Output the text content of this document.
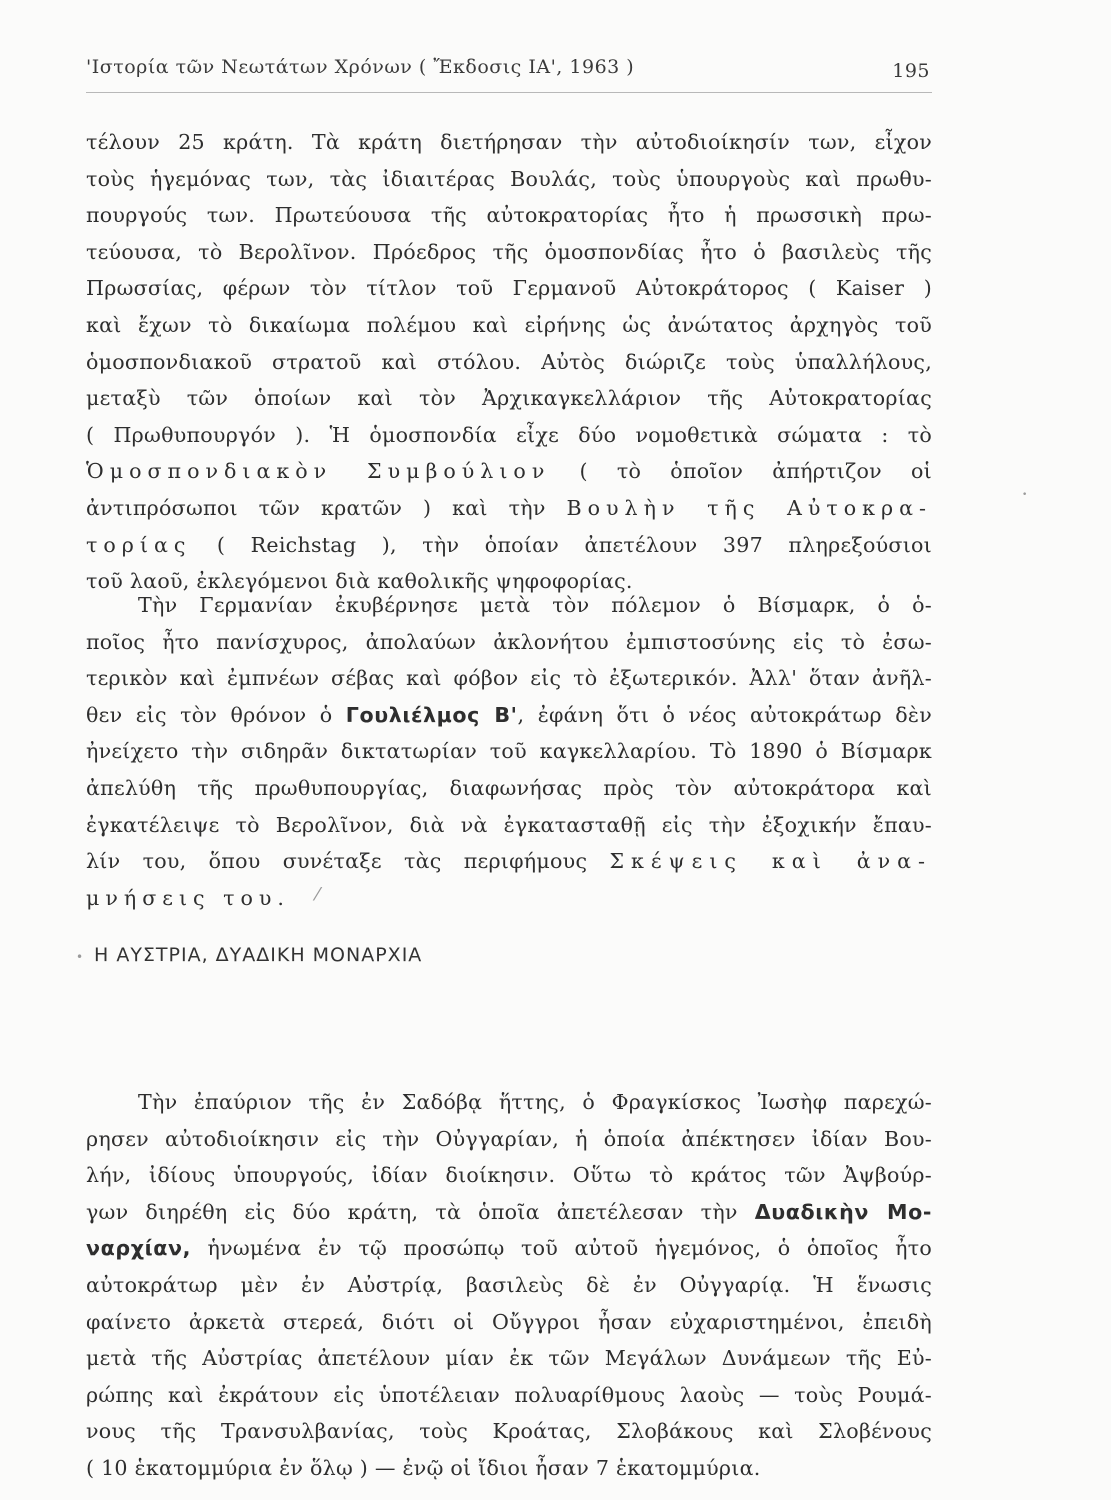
'Ιστορία τῶν Νεωτάτων Χρόνων ( Ἔκδοσις ΙΑ', 1963 )	195
τέλουν 25 κράτη. Τὰ κράτη διετήρησαν τὴν αὐτοδιοίκησίν των, εἶχον
τοὺς ἡγεμόνας των, τὰς ἰδιαιτέρας Βουλάς, τοὺς ὑπουργοὺς καὶ πρωθυ-
πουργούς των. Πρωτεύουσα τῆς αὐτοκρατορίας ἦτο ἡ πρωσσικὴ πρω-
τεύουσα, τὸ Βερολῖνον. Πρόεδρος τῆς ὁμοσπονδίας ἦτο ὁ βασιλεὺς τῆς
Πρωσσίας, φέρων τὸν τίτλον τοῦ Γερμανοῦ Αὐτοκράτορος ( Kaiser )
καὶ ἔχων τὸ δικαίωμα πολέμου καὶ εἰρήνης ὡς ἀνώτατος ἀρχηγὸς τοῦ
ὁμοσπονδιακοῦ στρατοῦ καὶ στόλου. Αὐτὸς διώριζε τοὺς ὑπαλλήλους,
μεταξὺ τῶν ὁποίων καὶ τὸν Ἀρχικαγκελλάριον τῆς Αὐτοκρατορίας
( Πρωθυπουργόν ). Ἡ ὁμοσπονδία εἶχε δύο νομοθετικὰ σώματα : τὸ
Ὁμοσπονδιακὸν Συμβούλιον ( τὸ ὁποῖον ἀπήρτιζον οἱ
ἀντιπρόσωποι τῶν κρατῶν ) καὶ τὴν Βουλὴν τῆς Αὐτοκρα-
τορίας ( Reichstag ), τὴν ὁποίαν ἀπετέλουν 397 πληρεξούσιοι
τοῦ λαοῦ, ἐκλεγόμενοι διὰ καθολικῆς ψηφοφορίας.
Τὴν Γερμανίαν ἐκυβέρνησε μετὰ τὸν πόλεμον ὁ Βίσμαρκ, ὁ ὁ-
ποῖος ἦτο πανίσχυρος, ἀπολαύων ἀκλονήτου ἐμπιστοσύνης εἰς τὸ ἐσω-
τερικὸν καὶ ἐμπνέων σέβας καὶ φόβον εἰς τὸ ἐξωτερικόν. Ἀλλ' ὅταν ἀνῆλ-
θεν εἰς τὸν θρόνον ὁ Γουλιέλμος Β', ἐφάνη ὅτι ὁ νέος αὐτοκράτωρ δὲν
ἠνείχετο τὴν σιδηρᾶν δικτατωρίαν τοῦ καγκελλαρίου. Τὸ 1890 ὁ Βίσμαρκ
ἀπελύθη τῆς πρωθυπουργίας, διαφωνήσας πρὸς τὸν αὐτοκράτορα καὶ
ἐγκατέλειψε τὸ Βερολῖνον, διὰ νὰ ἐγκατασταθῇ εἰς τὴν ἐξοχικήν ἔπαυ-
λίν του, ὅπου συνέταξε τὰς περιφήμους Σκέψεις καὶ ἀνα-
μνήσεις του.
Η ΑΥΣΤΡΙΑ, ΔΥΑΔΙΚΗ ΜΟΝΑΡΧΙΑ
Τὴν ἐπαύριον τῆς ἐν Σαδόβᾳ ἥττης, ὁ Φραγκίσκος Ἰωσὴφ παρεχώ-
ρησεν αὐτοδιοίκησιν εἰς τὴν Οὐγγαρίαν, ἡ ὁποία ἀπέκτησεν ἰδίαν Βου-
λήν, ἰδίους ὑπουργούς, ἰδίαν διοίκησιν. Οὕτω τὸ κράτος τῶν Ἀψβούρ-
γων διηρέθη εἰς δύο κράτη, τὰ ὁποῖα ἀπετέλεσαν τὴν Δυαδικὴν Μο-
ναρχίαν, ἡνωμένα ἐν τῷ προσώπῳ τοῦ αὐτοῦ ἡγεμόνος, ὁ ὁποῖος ἦτο
αὐτοκράτωρ μὲν ἐν Αὐστρίᾳ, βασιλεὺς δὲ ἐν Οὐγγαρίᾳ. Ἡ ἕνωσις
φαίνετο ἀρκετὰ στερεά, διότι οἱ Οὔγγροι ἦσαν εὐχαριστημένοι, ἐπειδὴ
μετὰ τῆς Αὐστρίας ἀπετέλουν μίαν ἐκ τῶν Μεγάλων Δυνάμεων τῆς Εὐ-
ρώπης καὶ ἐκράτουν εἰς ὑποτέλειαν πολυαρίθμους λαοὺς — τοὺς Ρουμά-
νους τῆς Τρανσυλβανίας, τοὺς Κροάτας, Σλοβάκους καὶ Σλοβένους
( 10 ἑκατομμύρια ἐν ὅλῳ ) — ἐνῷ οἱ ἴδιοι ἦσαν 7 ἑκατομμύρια.
⁄
•
•
